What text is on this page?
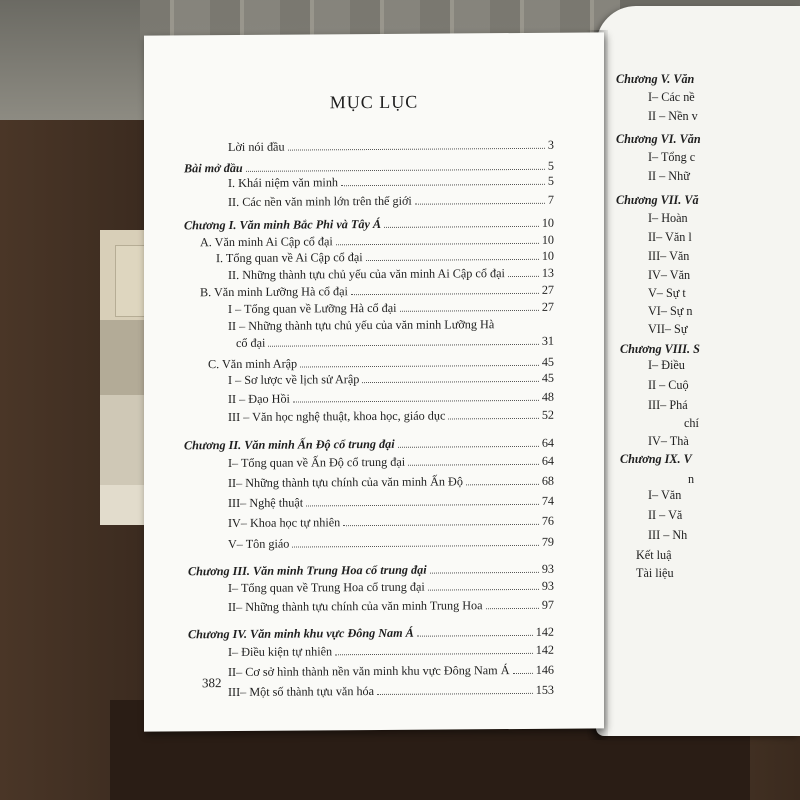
Chương V. Văn
I– Các nề
II – Nền v
Chương VI. Văn
I– Tổng c
II – Nhữ
Chương VII. Vă
I– Hoàn
II– Văn l
III– Văn
IV– Văn
V– Sự t
VI– Sự n
VII– Sự
Chương VIII. S
I– Điều
II – Cuộ
III– Phá
chí
IV– Thà
Chương IX. V
n
I– Văn
II – Vă
III – Nh
Kết luậ
Tài liệu
MỤC LỤC
382
Lời nói đầu	3
Bài mở đầu	5
I. Khái niệm văn minh	5
II. Các nền văn minh lớn trên thế giới	7
Chương I. Văn minh Bắc Phi và Tây Á	10
A. Văn minh Ai Cập cổ đại	10
I. Tổng quan về Ai Cập cổ đại	10
II. Những thành tựu chủ yếu của văn minh Ai Cập cổ đại	13
B. Văn minh Lưỡng Hà cổ đại	27
I – Tổng quan về Lưỡng Hà cổ đại	27
II – Những thành tựu chủ yếu của văn minh Lưỡng Hà
cổ đại	31
C. Văn minh Arập	45
I – Sơ lược về lịch sử Arập	45
II – Đạo Hồi	48
III – Văn học nghệ thuật, khoa học, giáo dục	52
Chương II. Văn minh Ấn Độ cổ trung đại	64
I– Tổng quan về Ấn Độ cổ trung đại	64
II– Những thành tựu chính của văn minh Ấn Độ	68
III– Nghệ thuật	74
IV– Khoa học tự nhiên	76
V– Tôn giáo	79
Chương III. Văn minh Trung Hoa cổ trung đại	93
I– Tổng quan về Trung Hoa cổ trung đại	93
II– Những thành tựu chính của văn minh Trung Hoa	97
Chương IV. Văn minh khu vực Đông Nam Á	142
I– Điều kiện tự nhiên	142
II– Cơ sở hình thành nền văn minh khu vực Đông Nam Á 146
III– Một số thành tựu văn hóa	153
